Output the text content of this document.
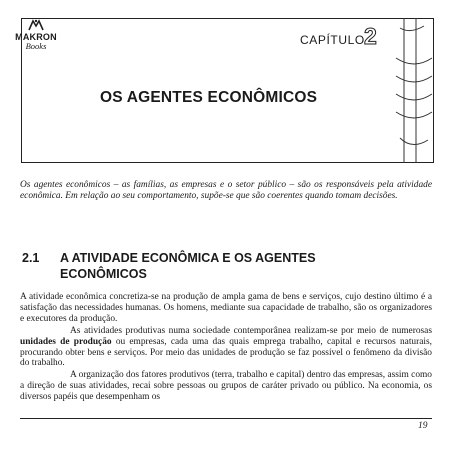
MAKRON
Books	CAPÍTULO 2
OS AGENTES ECONÔMICOS
Os agentes econômicos – as famílias, as empresas e o setor público – são os responsáveis pela atividade econômica. Em relação ao seu comportamento, supõe-se que são coerentes quando tomam decisões.
2.1 A ATIVIDADE ECONÔMICA E OS AGENTES ECONÔMICOS

A atividade econômica concretiza-se na produção de ampla gama de bens e serviços, cujo destino último é a satisfação das necessidades humanas. Os homens, mediante sua capacidade de trabalho, são os organizadores e executores da produção.

As atividades produtivas numa sociedade contemporânea realizam-se por meio de numerosas unidades de produção ou empresas, cada uma das quais emprega trabalho, capital e recursos naturais, procurando obter bens e serviços. Por meio das unidades de produção se faz possível o fenômeno da divisão do trabalho.

A organização dos fatores produtivos (terra, trabalho e capital) dentro das empresas, assim como a direção de suas atividades, recai sobre pessoas ou grupos de caráter privado ou público. Na economia, os diversos papéis que desempenham os

19
